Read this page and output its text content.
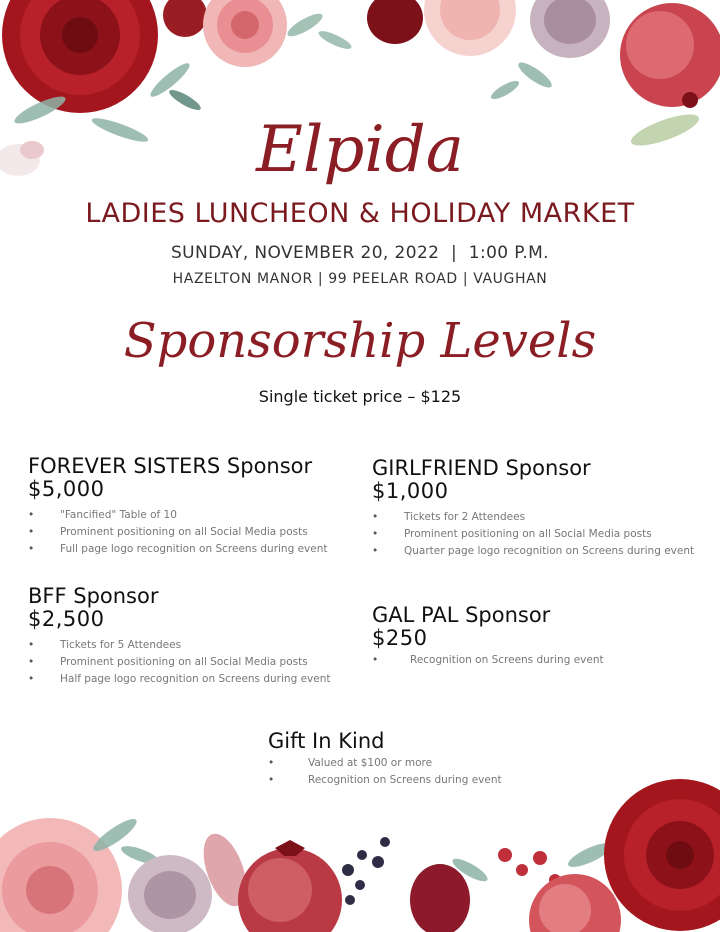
Elpida
LADIES LUNCHEON & HOLIDAY MARKET
SUNDAY, NOVEMBER 20, 2022  |  1:00 P.M.
HAZELTON MANOR | 99 PEELAR ROAD | VAUGHAN
Sponsorship Levels
Single ticket price – $125
FOREVER SISTERS Sponsor
$5,000
• "Fancified" Table of 10
• Prominent positioning on all Social Media posts
• Full page logo recognition on Screens during event
GIRLFRIEND Sponsor
$1,000
• Tickets for 2 Attendees
• Prominent positioning on all Social Media posts
• Quarter page logo recognition on Screens during event
BFF Sponsor
$2,500
• Tickets for 5 Attendees
• Prominent positioning on all Social Media posts
• Half page logo recognition on Screens during event
GAL PAL Sponsor
$250
•	Recognition on Screens during event
Gift In Kind
•	Valued at $100 or more
•	Recognition on Screens during event
